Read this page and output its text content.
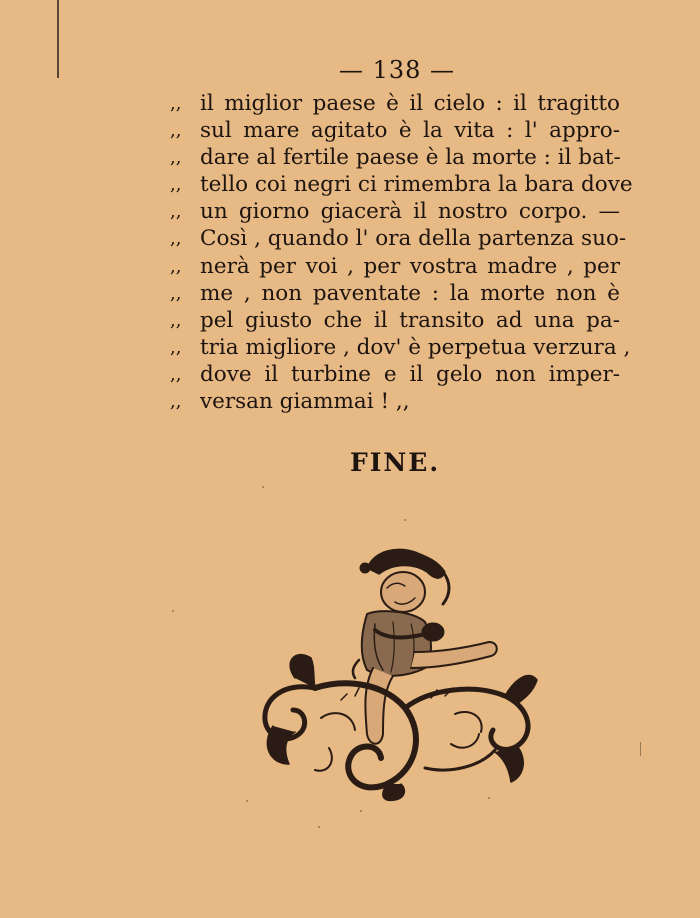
— 138 —
,, il miglior paese è il cielo : il tragitto
,, sul mare agitato è la vita : l' appro-
,, dare al fertile paese è la morte : il bat-
,, tello coi negri ci rimembra la bara dove
,, un giorno giacerà il nostro corpo. —
,, Così , quando l' ora della partenza suo-
,, nerà per voi , per vostra madre , per
,, me , non paventate : la morte non è
,, pel giusto che il transito ad una pa-
,, tria migliore , dov' è perpetua verzura ,
,, dove il turbine e il gelo non imper-
,, versan giammai ! ,,
FINE.
